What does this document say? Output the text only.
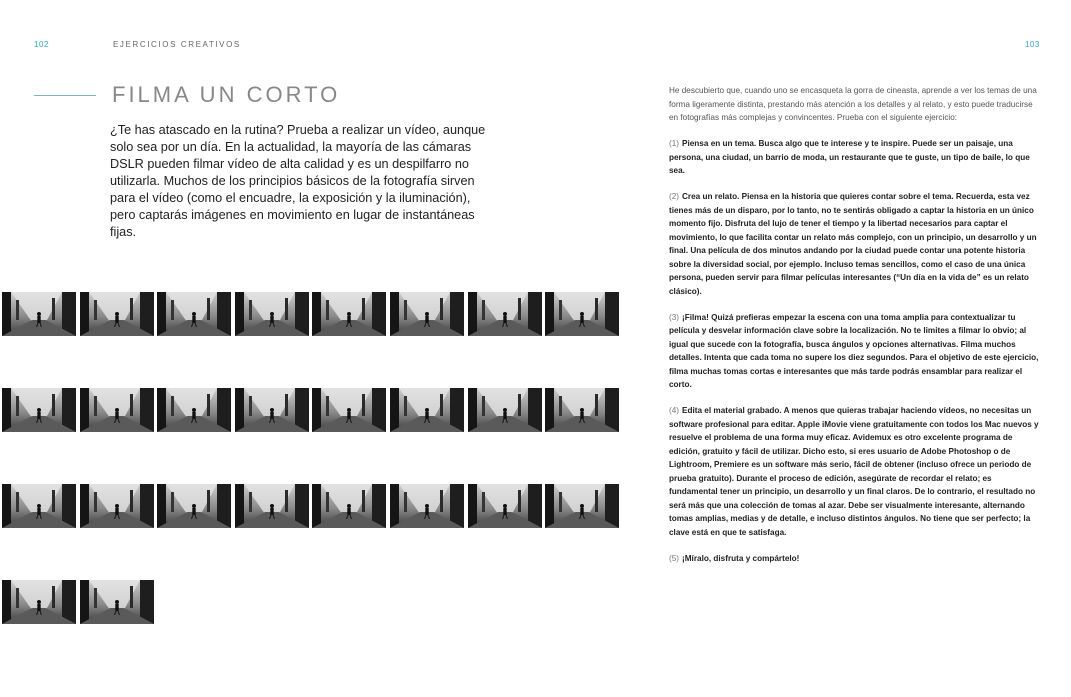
102	EJERCICIOS CREATIVOS	103
FILMA UN CORTO

¿Te has atascado en la rutina? Prueba a realizar un vídeo, aunque solo sea por un día. En la actualidad, la mayoría de las cámaras DSLR pueden filmar vídeo de alta calidad y es un despilfarro no utilizarla. Muchos de los principios básicos de la fotografía sirven para el vídeo (como el encuadre, la exposición y la iluminación), pero captarás imágenes en movimiento en lugar de instantáneas fijas.

He descubierto que, cuando uno se encasqueta la gorra de cineasta, aprende a ver los temas de una forma ligeramente distinta, prestando más atención a los detalles y al relato, y esto puede traducirse en fotografías más complejas y convincentes. Prueba con el siguiente ejercicio:

(1) Piensa en un tema. Busca algo que te interese y te inspire. Puede ser un paisaje, una persona, una ciudad, un barrio de moda, un restaurante que te guste, un tipo de baile, lo que sea.

(2) Crea un relato. Piensa en la historia que quieres contar sobre el tema. Recuerda, esta vez tienes más de un disparo, por lo tanto, no te sentirás obligado a captar la historia en un único momento fijo. Disfruta del lujo de tener el tiempo y la libertad necesarios para captar el movimiento, lo que facilita contar un relato más complejo, con un principio, un desarrollo y un final. Una película de dos minutos andando por la ciudad puede contar una potente historia sobre la diversidad social, por ejemplo. Incluso temas sencillos, como el caso de una única persona, pueden servir para filmar películas interesantes (“Un día en la vida de” es un relato clásico).

(3) ¡Filma! Quizá prefieras empezar la escena con una toma amplia para contextualizar tu película y desvelar información clave sobre la localización. No te limites a filmar lo obvio; al igual que sucede con la fotografía, busca ángulos y opciones alternativas. Filma muchos detalles. Intenta que cada toma no supere los diez segundos. Para el objetivo de este ejercicio, filma muchas tomas cortas e interesantes que más tarde podrás ensamblar para realizar el corto.

(4) Edita el material grabado. A menos que quieras trabajar haciendo vídeos, no necesitas un software profesional para editar. Apple iMovie viene gratuitamente con todos los Mac nuevos y resuelve el problema de una forma muy eficaz. Avidemux es otro excelente programa de edición, gratuito y fácil de utilizar. Dicho esto, si eres usuario de Adobe Photoshop o de Lightroom, Premiere es un software más serio, fácil de obtener (incluso ofrece un periodo de prueba gratuito). Durante el proceso de edición, asegúrate de recordar el relato; es fundamental tener un principio, un desarrollo y un final claros. De lo contrario, el resultado no será más que una colección de tomas al azar. Debe ser visualmente interesante, alternando tomas amplias, medias y de detalle, e incluso distintos ángulos. No tiene que ser perfecto; la clave está en que te satisfaga.

(5) ¡Míralo, disfruta y compártelo!
